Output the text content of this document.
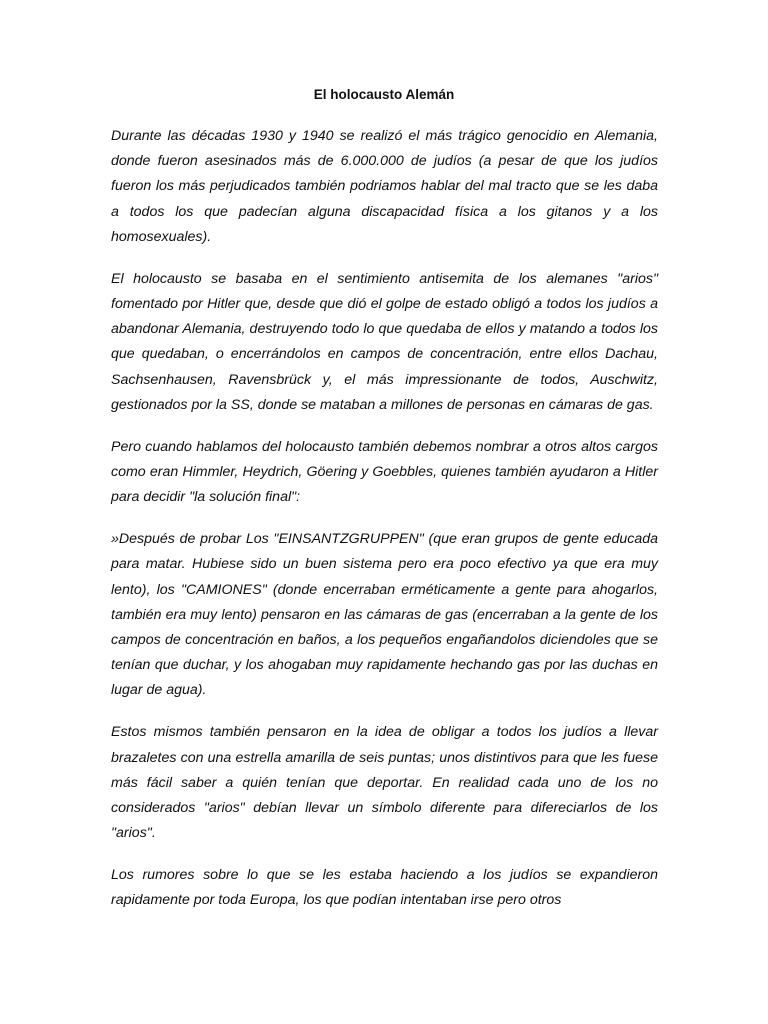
El holocausto Alemán

Durante las décadas 1930 y 1940 se realizó el más trágico genocidio en Alemania, donde fueron asesinados más de 6.000.000 de judíos (a pesar de que los judíos fueron los más perjudicados también podriamos hablar del mal tracto que se les daba a todos los que padecían alguna discapacidad física a los gitanos y a los homosexuales).

El holocausto se basaba en el sentimiento antisemita de los alemanes "arios" fomentado por Hitler que, desde que dió el golpe de estado obligó a todos los judíos a abandonar Alemania, destruyendo todo lo que quedaba de ellos y matando a todos los que quedaban, o encerrándolos en campos de concentración, entre ellos Dachau, Sachsenhausen, Ravensbrück y, el más impressionante de todos, Auschwitz, gestionados por la SS, donde se mataban a millones de personas en cámaras de gas.

Pero cuando hablamos del holocausto también debemos nombrar a otros altos cargos como eran Himmler, Heydrich, Göering y Goebbles, quienes también ayudaron a Hitler para decidir "la solución final":

»Después de probar Los "EINSANTZGRUPPEN" (que eran grupos de gente educada para matar. Hubiese sido un buen sistema pero era poco efectivo ya que era muy lento), los "CAMIONES" (donde encerraban erméticamente a gente para ahogarlos, también era muy lento) pensaron en las cámaras de gas (encerraban a la gente de los campos de concentración en baños, a los pequeños engañandolos diciendoles que se tenían que duchar, y los ahogaban muy rapidamente hechando gas por las duchas en lugar de agua).

Estos mismos también pensaron en la idea de obligar a todos los judíos a llevar brazaletes con una estrella amarilla de seis puntas; unos distintivos para que les fuese más fácil saber a quién tenían que deportar. En realidad cada uno de los no considerados "arios" debían llevar un símbolo diferente para difereciarlos de los "arios".

Los rumores sobre lo que se les estaba haciendo a los judíos se expandieron rapidamente por toda Europa, los que podían intentaban irse pero otros
